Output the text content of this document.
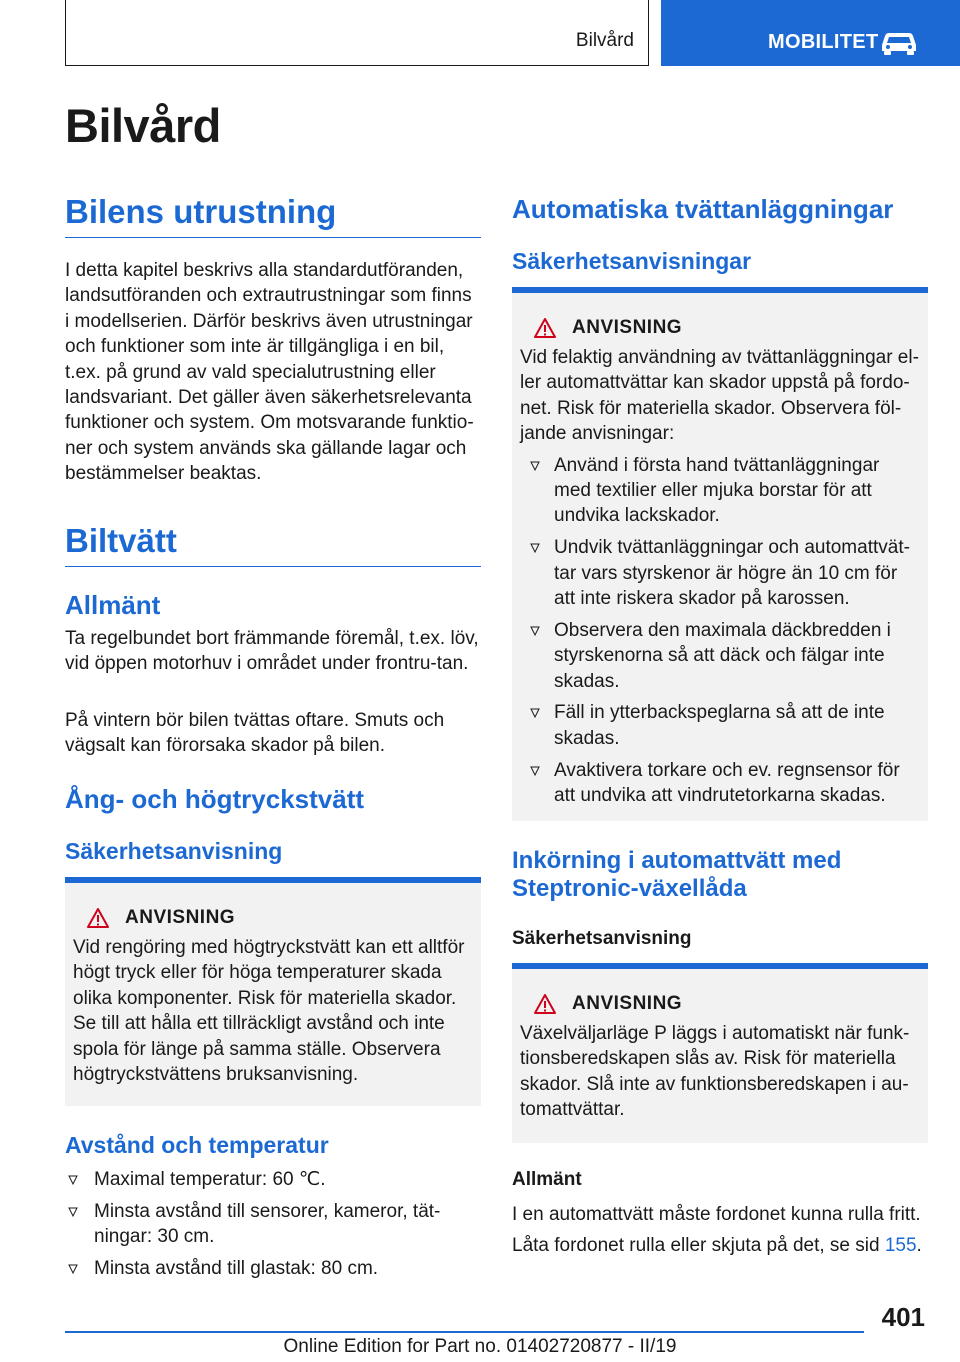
Bilvård	MOBILITET
Bilvård
Bilens utrustning

I detta kapitel beskrivs alla standardutföranden, landsutföranden och extrautrustningar som finns i modellserien. Därför beskrivs även utrustningar och funktioner som inte är tillgängliga i en bil, t.ex. på grund av vald specialutrustning eller landsvariant. Det gäller även säkerhetsrelevanta funktioner och system. Om motsvarande funktio-ner och system används ska gällande lagar och bestämmelser beaktas.

Biltvätt
Allmänt

Ta regelbundet bort främmande föremål, t.ex. löv, vid öppen motorhuv i området under frontru-tan.

På vintern bör bilen tvättas oftare. Smuts och vägsalt kan förorsaka skador på bilen.

Ång- och högtryckstvätt
Säkerhetsanvisning
ANVISNING

Vid rengöring med högtryckstvätt kan ett alltför högt tryck eller för höga temperaturer skada olika komponenter. Risk för materiella skador. Se till att hålla ett tillräckligt avstånd och inte spola för länge på samma ställe. Observera högtryckstvättens bruksanvisning.

Avstånd och temperatur
Maximal temperatur: 60 ℃.
Minsta avstånd till sensorer, kameror, tät-ningar: 30 cm.
Minsta avstånd till glastak: 80 cm.
Automatiska tvättanläggningar
Säkerhetsanvisningar
ANVISNING

Vid felaktig användning av tvättanläggningar el-ler automattvättar kan skador uppstå på fordo-net. Risk för materiella skador. Observera föl-jande anvisningar:

Använd i första hand tvättanläggningar med textilier eller mjuka borstar för att undvika lackskador.
Undvik tvättanläggningar och automattvät-tar vars styrskenor är högre än 10 cm för att inte riskera skador på karossen.
Observera den maximala däckbredden i styrskenorna så att däck och fälgar inte skadas.
Fäll in ytterbackspeglarna så att de inte skadas.
Avaktivera torkare och ev. regnsensor för att undvika att vindrutetorkarna skadas.
Inkörning i automattvätt med
Steptronic-växellåda
Säkerhetsanvisning
ANVISNING

Växelväljarläge P läggs i automatiskt när funk-tionsberedskapen slås av. Risk för materiella skador. Slå inte av funktionsberedskapen i au-tomattvättar.

Allmänt

I en automattvätt måste fordonet kunna rulla fritt.

Låta fordonet rulla eller skjuta på det, se sid 155.

401
Online Edition for Part no. 01402720877 - II/19
